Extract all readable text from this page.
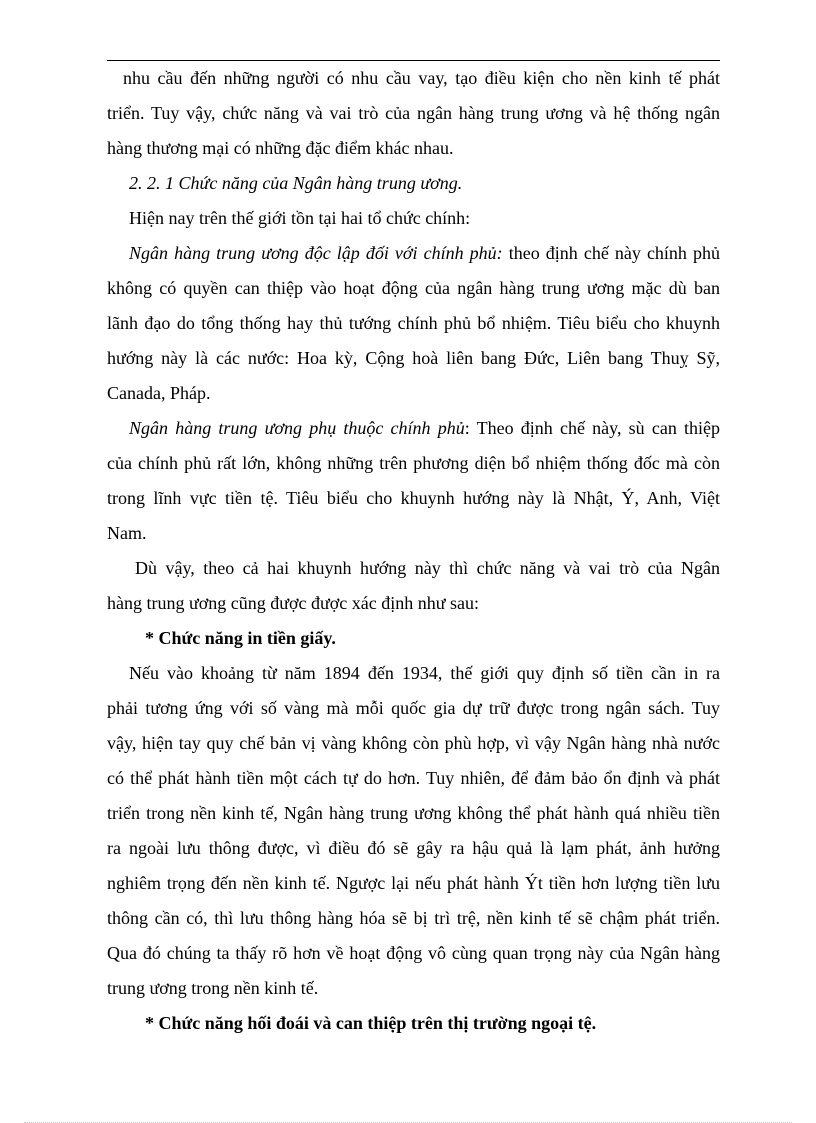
nhu cầu đến những người có nhu cầu vay, tạo điều kiện cho nền kinh tế phát
triển. Tuy vậy, chức năng và vai trò của ngân hàng trung ương và hệ thống ngân
hàng thương mại có những đặc điểm khác nhau.
2. 2. 1 Chức năng của Ngân hàng trung ương.
Hiện nay trên thế giới tồn tại hai tổ chức chính:
Ngân hàng trung ương độc lập đối với chính phủ: theo định chế này chính phủ
không có quyền can thiệp vào hoạt động của ngân hàng trung ương mặc dù ban
lãnh đạo do tổng thống hay thủ tướng chính phủ bổ nhiệm. Tiêu biểu cho khuynh
hướng này là các nước: Hoa kỳ, Cộng hoà liên bang Đức, Liên bang Thuỵ Sỹ,
Canada, Pháp.
Ngân hàng trung ương phụ thuộc chính phủ: Theo định chế này, sù can thiệp
của chính phủ rất lớn, không những trên phương diện bổ nhiệm thống đốc mà còn
trong lĩnh vực tiền tệ. Tiêu biểu cho khuynh hướng này là Nhật, Ý, Anh, Việt
Nam.
Dù vậy, theo cả hai khuynh hướng này thì chức năng và vai trò của Ngân
hàng trung ương cũng được được xác định như sau:
* Chức năng in tiền giấy.
Nếu vào khoảng từ năm 1894 đến 1934, thế giới quy định số tiền cần in ra
phải tương ứng với số vàng mà mỗi quốc gia dự trữ được trong ngân sách. Tuy
vậy, hiện tay quy chế bản vị vàng không còn phù hợp, vì vậy Ngân hàng nhà nước
có thể phát hành tiền một cách tự do hơn. Tuy nhiên, để đảm bảo ổn định và phát
triển trong nền kinh tế, Ngân hàng trung ương không thể phát hành quá nhiều tiền
ra ngoài lưu thông được, vì điều đó sẽ gây ra hậu quả là lạm phát, ảnh hưởng
nghiêm trọng đến nền kinh tế. Ngược lại nếu phát hành Ýt tiền hơn lượng tiền lưu
thông cần có, thì lưu thông hàng hóa sẽ bị trì trệ, nền kinh tế sẽ chậm phát triển.
Qua đó chúng ta thấy rõ hơn về hoạt động vô cùng quan trọng này của Ngân hàng
trung ương trong nền kinh tế.
* Chức năng hối đoái và can thiệp trên thị trường ngoại tệ.
